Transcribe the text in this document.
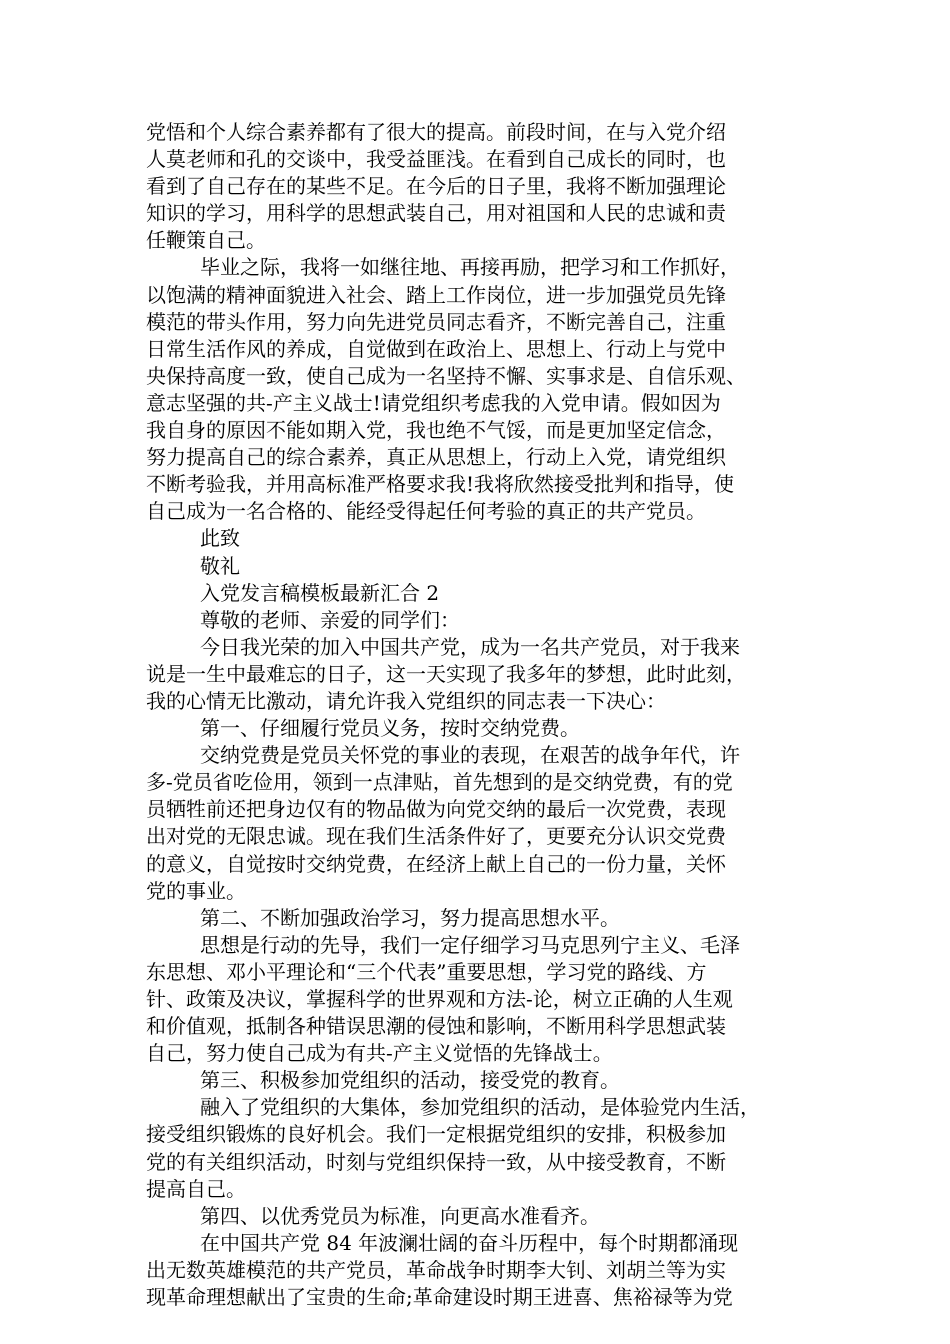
党悟和个人综合素养都有了很大的提高。前段时间，在与入党介绍
人莫老师和孔的交谈中，我受益匪浅。在看到自己成长的同时，也
看到了自己存在的某些不足。在今后的日子里，我将不断加强理论
知识的学习，用科学的思想武装自己，用对祖国和人民的忠诚和责
任鞭策自己。
毕业之际，我将一如继往地、再接再励，把学习和工作抓好，
以饱满的精神面貌进入社会、踏上工作岗位，进一步加强党员先锋
模范的带头作用，努力向先进党员同志看齐，不断完善自己，注重
日常生活作风的养成，自觉做到在政治上、思想上、行动上与党中
央保持高度一致，使自己成为一名坚持不懈、实事求是、自信乐观、
意志坚强的共-产主义战士!请党组织考虑我的入党申请。假如因为
我自身的原因不能如期入党，我也绝不气馁，而是更加坚定信念，
努力提高自己的综合素养，真正从思想上，行动上入党，请党组织
不断考验我，并用高标准严格要求我!我将欣然接受批判和指导，使
自己成为一名合格的、能经受得起任何考验的真正的共产党员。
此致
敬礼
入党发言稿模板最新汇合 2
尊敬的老师、亲爱的同学们：
今日我光荣的加入中国共产党，成为一名共产党员，对于我来
说是一生中最难忘的日子，这一天实现了我多年的梦想，此时此刻，
我的心情无比激动，请允许我入党组织的同志表一下决心：
第一、仔细履行党员义务，按时交纳党费。
交纳党费是党员关怀党的事业的表现，在艰苦的战争年代，许
多-党员省吃俭用，领到一点津贴，首先想到的是交纳党费，有的党
员牺牲前还把身边仅有的物品做为向党交纳的最后一次党费，表现
出对党的无限忠诚。现在我们生活条件好了，更要充分认识交党费
的意义，自觉按时交纳党费，在经济上献上自己的一份力量，关怀
党的事业。
第二、不断加强政治学习，努力提高思想水平。
思想是行动的先导，我们一定仔细学习马克思列宁主义、毛泽
东思想、邓小平理论和“三个代表”重要思想，学习党的路线、方
针、政策及决议，掌握科学的世界观和方法-论，树立正确的人生观
和价值观，抵制各种错误思潮的侵蚀和影响，不断用科学思想武装
自己，努力使自己成为有共-产主义觉悟的先锋战士。
第三、积极参加党组织的活动，接受党的教育。
融入了党组织的大集体，参加党组织的活动，是体验党内生活，
接受组织锻炼的良好机会。我们一定根据党组织的安排，积极参加
党的有关组织活动，时刻与党组织保持一致，从中接受教育，不断
提高自己。
第四、以优秀党员为标准，向更高水准看齐。
在中国共产党 84 年波澜壮阔的奋斗历程中，每个时期都涌现
出无数英雄模范的共产党员，革命战争时期李大钊、刘胡兰等为实
现革命理想献出了宝贵的生命;革命建设时期王进喜、焦裕禄等为党
